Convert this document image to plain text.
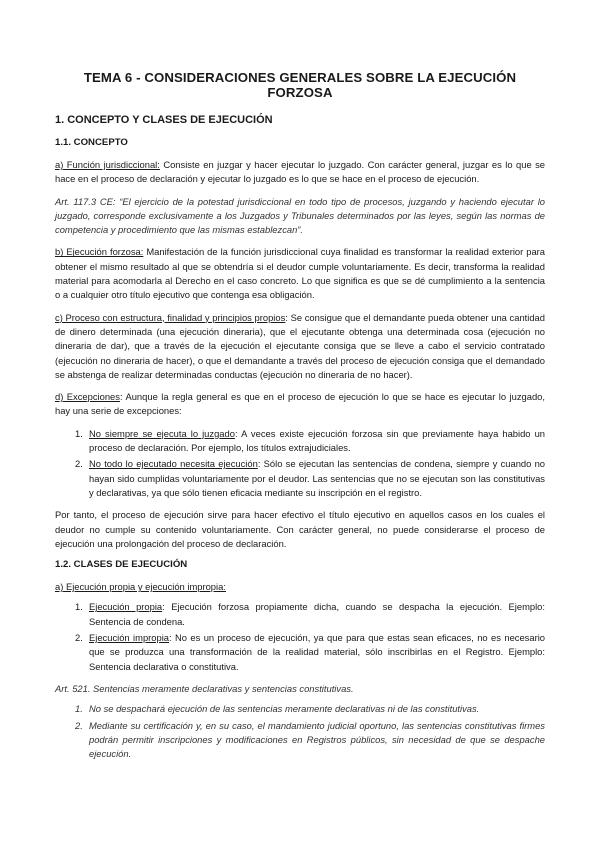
TEMA 6 - CONSIDERACIONES GENERALES SOBRE LA EJECUCIÓN FORZOSA
1. CONCEPTO Y CLASES DE EJECUCIÓN
1.1. CONCEPTO

a) Función jurisdiccional: Consiste en juzgar y hacer ejecutar lo juzgado. Con carácter general, juzgar es lo que se hace en el proceso de declaración y ejecutar lo juzgado es lo que se hace en el proceso de ejecución.

Art. 117.3 CE: “El ejercicio de la potestad jurisdiccional en todo tipo de procesos, juzgando y haciendo ejecutar lo juzgado, corresponde exclusivamente a los Juzgados y Tribunales determinados por las leyes, según las normas de competencia y procedimiento que las mismas establezcan”.

b) Ejecución forzosa: Manifestación de la función jurisdiccional cuya finalidad es transformar la realidad exterior para obtener el mismo resultado al que se obtendría si el deudor cumple voluntariamente. Es decir, transforma la realidad material para acomodarla al Derecho en el caso concreto. Lo que significa es que se dé cumplimiento a la sentencia o a cualquier otro título ejecutivo que contenga esa obligación.

c) Proceso con estructura, finalidad y principios propios: Se consigue que el demandante pueda obtener una cantidad de dinero determinada (una ejecución dineraria), que el ejecutante obtenga una determinada cosa (ejecución no dineraria de dar), que a través de la ejecución el ejecutante consiga que se lleve a cabo el servicio contratado (ejecución no dineraria de hacer), o que el demandante a través del proceso de ejecución consiga que el demandado se abstenga de realizar determinadas conductas (ejecución no dineraria de no hacer).

d) Excepciones: Aunque la regla general es que en el proceso de ejecución lo que se hace es ejecutar lo juzgado, hay una serie de excepciones:

1. No siempre se ejecuta lo juzgado: A veces existe ejecución forzosa sin que previamente haya habido un proceso de declaración. Por ejemplo, los títulos extrajudiciales.
2. No todo lo ejecutado necesita ejecución: Sólo se ejecutan las sentencias de condena, siempre y cuando no hayan sido cumplidas voluntariamente por el deudor. Las sentencias que no se ejecutan son las constitutivas y declarativas, ya que sólo tienen eficacia mediante su inscripción en el registro.

Por tanto, el proceso de ejecución sirve para hacer efectivo el título ejecutivo en aquellos casos en los cuales el deudor no cumple su contenido voluntariamente. Con carácter general, no puede considerarse el proceso de ejecución una prolongación del proceso de declaración.

1.2. CLASES DE EJECUCIÓN
a) Ejecución propia y ejecución impropia:
1. Ejecución propia: Ejecución forzosa propiamente dicha, cuando se despacha la ejecución. Ejemplo: Sentencia de condena.
2. Ejecución impropia: No es un proceso de ejecución, ya que para que estas sean eficaces, no es necesario que se produzca una transformación de la realidad material, sólo inscribirlas en el Registro. Ejemplo: Sentencia declarativa o constitutiva.
Art. 521. Sentencias meramente declarativas y sentencias constitutivas.
1. No se despachará ejecución de las sentencias meramente declarativas ni de las constitutivas.
2. Mediante su certificación y, en su caso, el mandamiento judicial oportuno, las sentencias constitutivas firmes podrán permitir inscripciones y modificaciones en Registros públicos, sin necesidad de que se despache ejecución.
